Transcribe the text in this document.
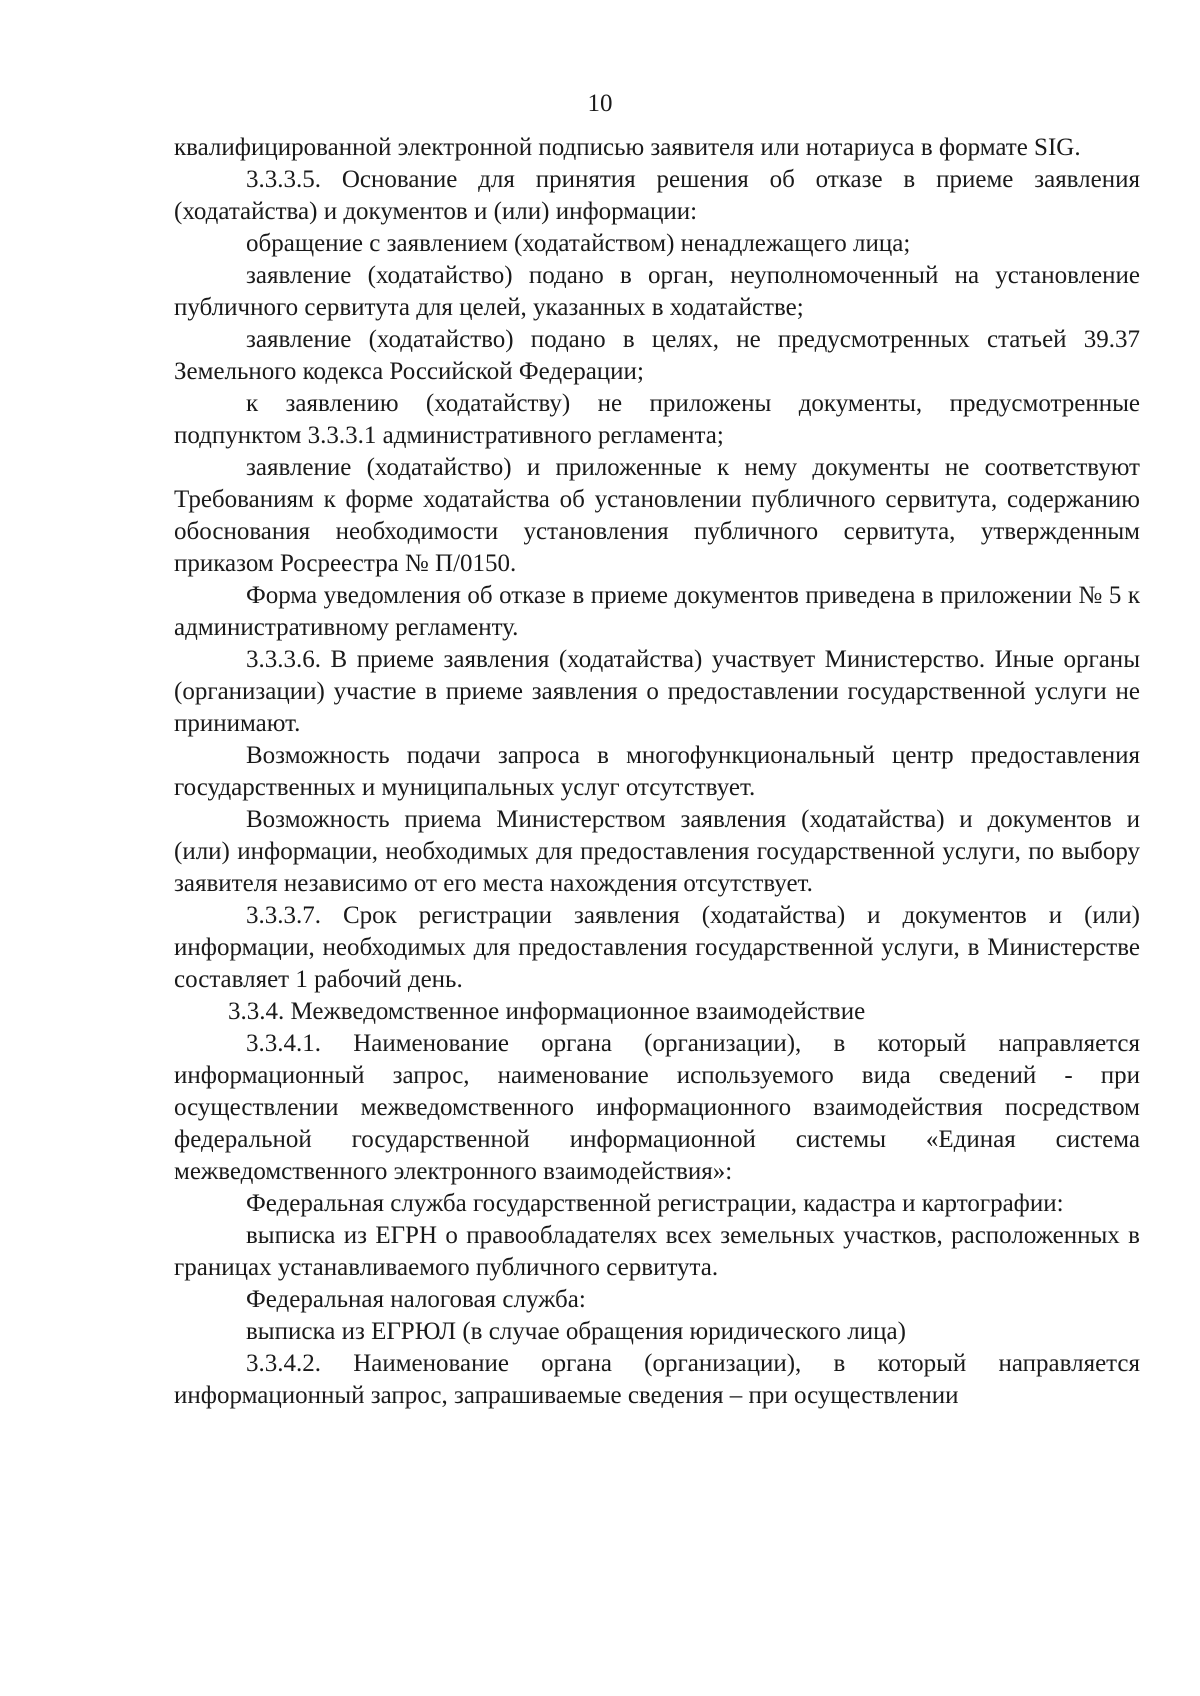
10

квалифицированной электронной подписью заявителя или нотариуса в формате SIG.

3.3.3.5. Основание для принятия решения об отказе в приеме заявления (ходатайства) и документов и (или) информации:

обращение с заявлением (ходатайством) ненадлежащего лица;

заявление (ходатайство) подано в орган, неуполномоченный на установление публичного сервитута для целей, указанных в ходатайстве;

заявление (ходатайство) подано в целях, не предусмотренных статьей 39.37 Земельного кодекса Российской Федерации;

к заявлению (ходатайству) не приложены документы, предусмотренные подпунктом 3.3.3.1 административного регламента;

заявление (ходатайство) и приложенные к нему документы не соответствуют Требованиям к форме ходатайства об установлении публичного сервитута, содержанию обоснования необходимости установления публичного сервитута, утвержденным приказом Росреестра № П/0150.

Форма уведомления об отказе в приеме документов приведена в приложении № 5 к административному регламенту.

3.3.3.6. В приеме заявления (ходатайства) участвует Министерство. Иные органы (организации) участие в приеме заявления о предоставлении государственной услуги не принимают.

Возможность подачи запроса в многофункциональный центр предоставления государственных и муниципальных услуг отсутствует.

Возможность приема Министерством заявления (ходатайства) и документов и (или) информации, необходимых для предоставления государственной услуги, по выбору заявителя независимо от его места нахождения отсутствует.

3.3.3.7. Срок регистрации заявления (ходатайства) и документов и (или) информации, необходимых для предоставления государственной услуги, в Министерстве составляет 1 рабочий день.

3.3.4. Межведомственное информационное взаимодействие

3.3.4.1. Наименование органа (организации), в который направляется информационный запрос, наименование используемого вида сведений - при осуществлении межведомственного информационного взаимодействия посредством федеральной государственной информационной системы «Единая система межведомственного электронного взаимодействия»:

Федеральная служба государственной регистрации, кадастра и картографии:

выписка из ЕГРН о правообладателях всех земельных участков, расположенных в границах устанавливаемого публичного сервитута.

Федеральная налоговая служба:

выписка из ЕГРЮЛ (в случае обращения юридического лица)

3.3.4.2. Наименование органа (организации), в который направляется информационный запрос, запрашиваемые сведения – при осуществлении
